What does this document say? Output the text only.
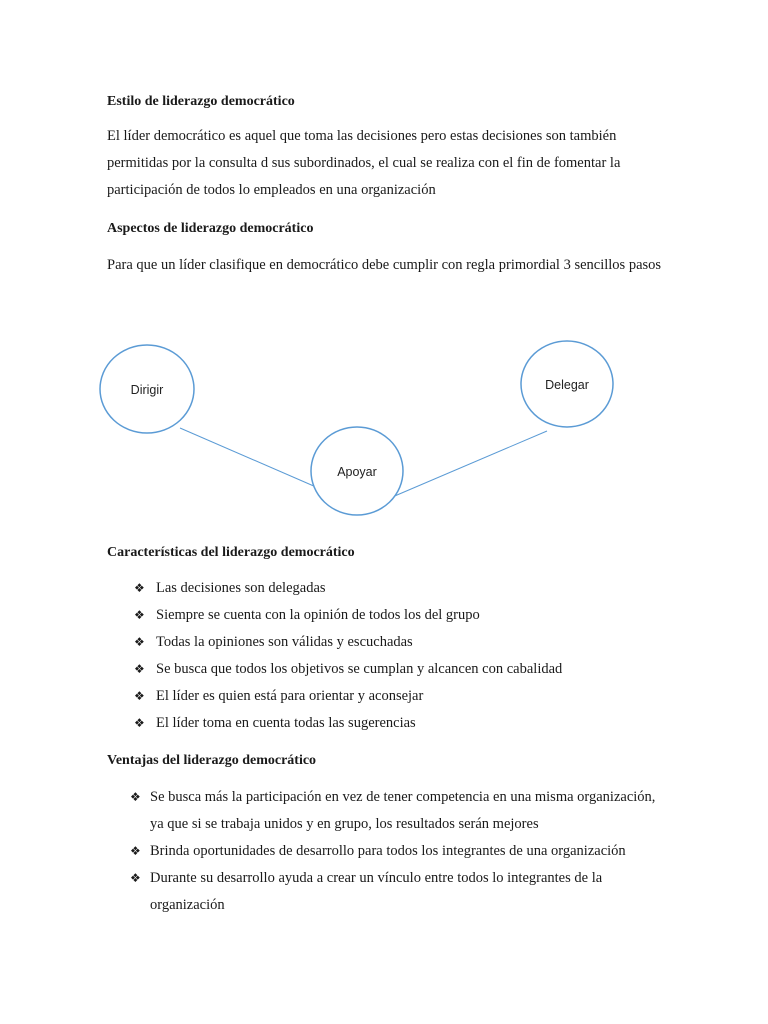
Estilo de liderazgo democrático

El líder democrático es aquel que toma las decisiones pero estas decisiones son también permitidas por la consulta d sus subordinados, el cual se realiza con el fin de fomentar la participación de todos lo empleados en una organización

Aspectos de liderazgo democrático

Para que un líder clasifique en democrático debe cumplir con regla primordial 3 sencillos pasos

Dirigir
Apoyar
Delegar
Características del liderazgo democrático
❖ Las decisiones son delegadas
❖ Siempre se cuenta con la opinión de todos los del grupo
❖ Todas la opiniones son válidas y escuchadas
❖ Se busca que todos los objetivos se cumplan y alcancen con cabalidad
❖ El líder es quien está para orientar y aconsejar
❖ El líder toma en cuenta todas las sugerencias
Ventajas del liderazgo democrático
❖ Se busca más la participación en vez de tener competencia en una misma organización, ya que si se trabaja unidos y en grupo, los resultados serán mejores
❖ Brinda oportunidades de desarrollo para todos los integrantes de una organización
❖ Durante su desarrollo ayuda a crear un vínculo entre todos lo integrantes de la organización
